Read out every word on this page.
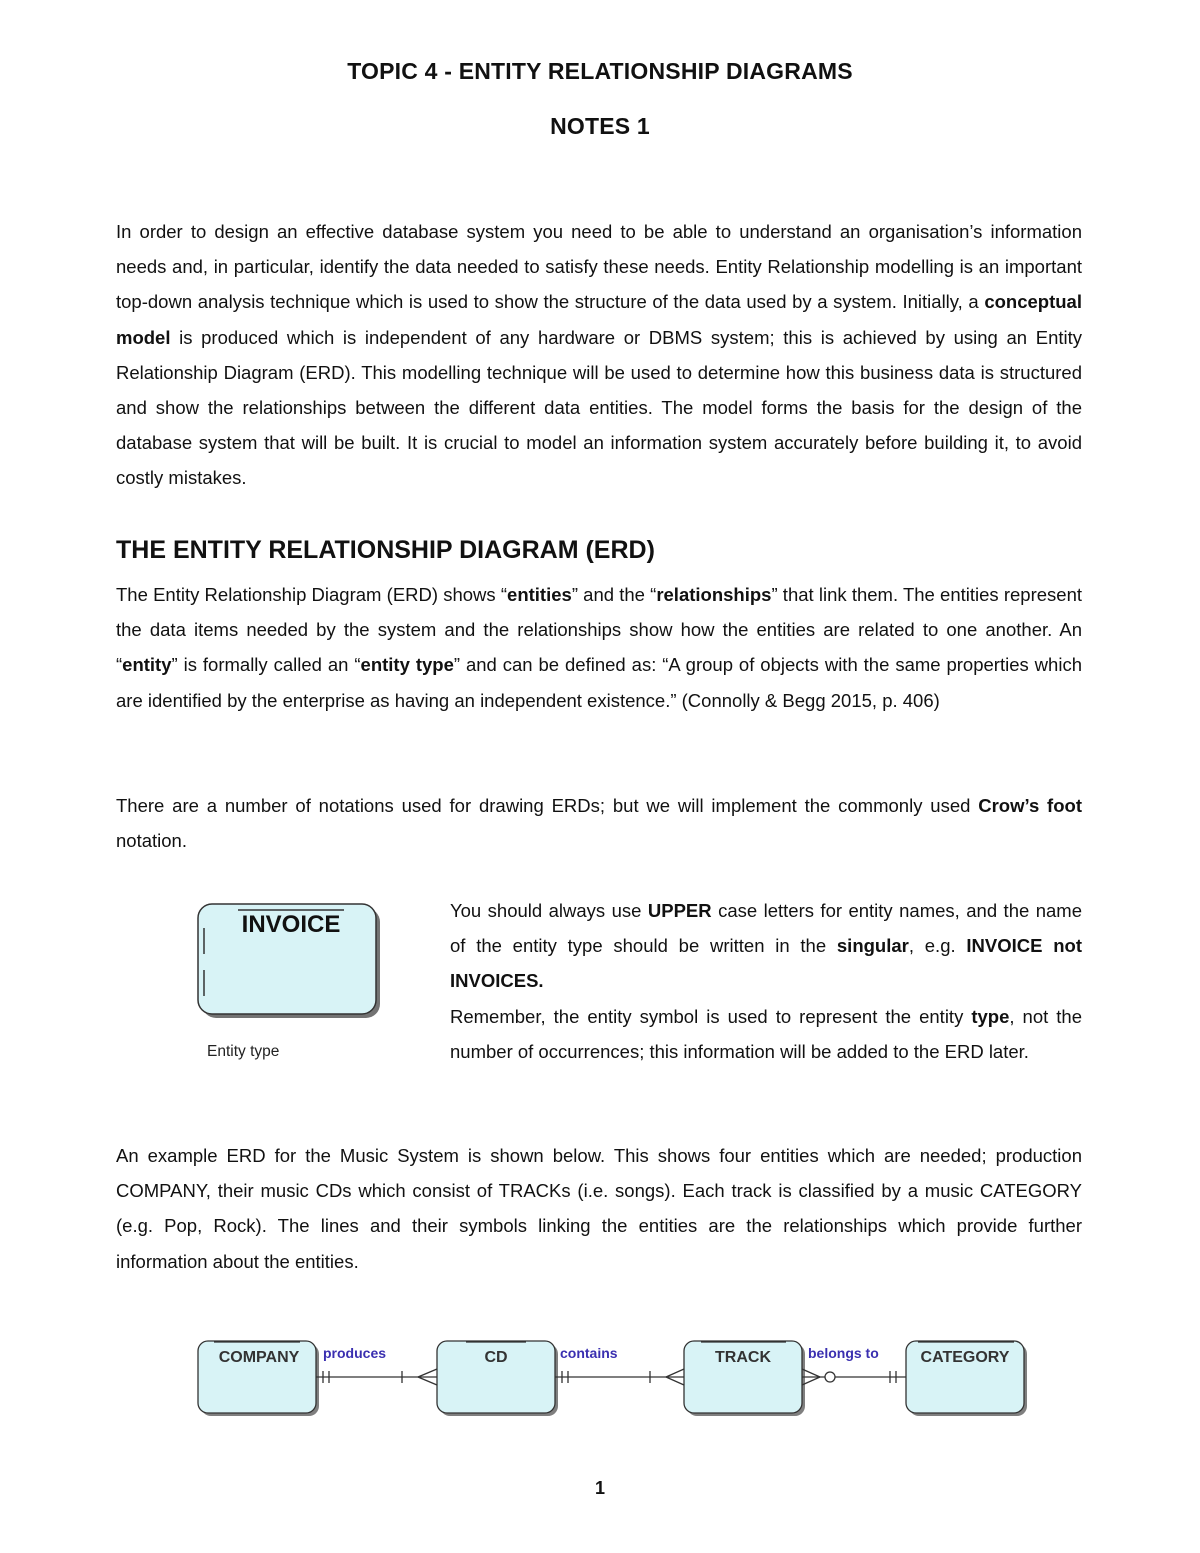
TOPIC 4 - ENTITY RELATIONSHIP DIAGRAMS
NOTES 1

In order to design an effective database system you need to be able to understand an organisation’s information needs and, in particular, identify the data needed to satisfy these needs. Entity Relationship modelling is an important top-down analysis technique which is used to show the structure of the data used by a system. Initially, a conceptual model is produced which is independent of any hardware or DBMS system; this is achieved by using an Entity Relationship Diagram (ERD). This modelling technique will be used to determine how this business data is structured and show the relationships between the different data entities. The model forms the basis for the design of the database system that will be built. It is crucial to model an information system accurately before building it, to avoid costly mistakes.

THE ENTITY RELATIONSHIP DIAGRAM (ERD)

The Entity Relationship Diagram (ERD) shows “entities” and the “relationships” that link them. The entities represent the data items needed by the system and the relationships show how the entities are related to one another. An “entity” is formally called an “entity type” and can be defined as: “A group of objects with the same properties which are identified by the enterprise as having an independent existence.” (Connolly & Begg 2015, p. 406)

There are a number of notations used for drawing ERDs; but we will implement the commonly used Crow’s foot notation.

INVOICE
Entity type

You should always use UPPER case letters for entity names, and the name of the entity type should be written in the singular, e.g. INVOICE not INVOICES.
Remember, the entity symbol is used to represent the entity type, not the number of occurrences; this information will be added to the ERD later.

An example ERD for the Music System is shown below. This shows four entities which are needed; production COMPANY, their music CDs which consist of TRACKs (i.e. songs). Each track is classified by a music CATEGORY (e.g. Pop, Rock). The lines and their symbols linking the entities are the relationships which provide further information about the entities.

COMPANY	CD	TRACK	CATEGORY
produces	contains	belongs to
1
